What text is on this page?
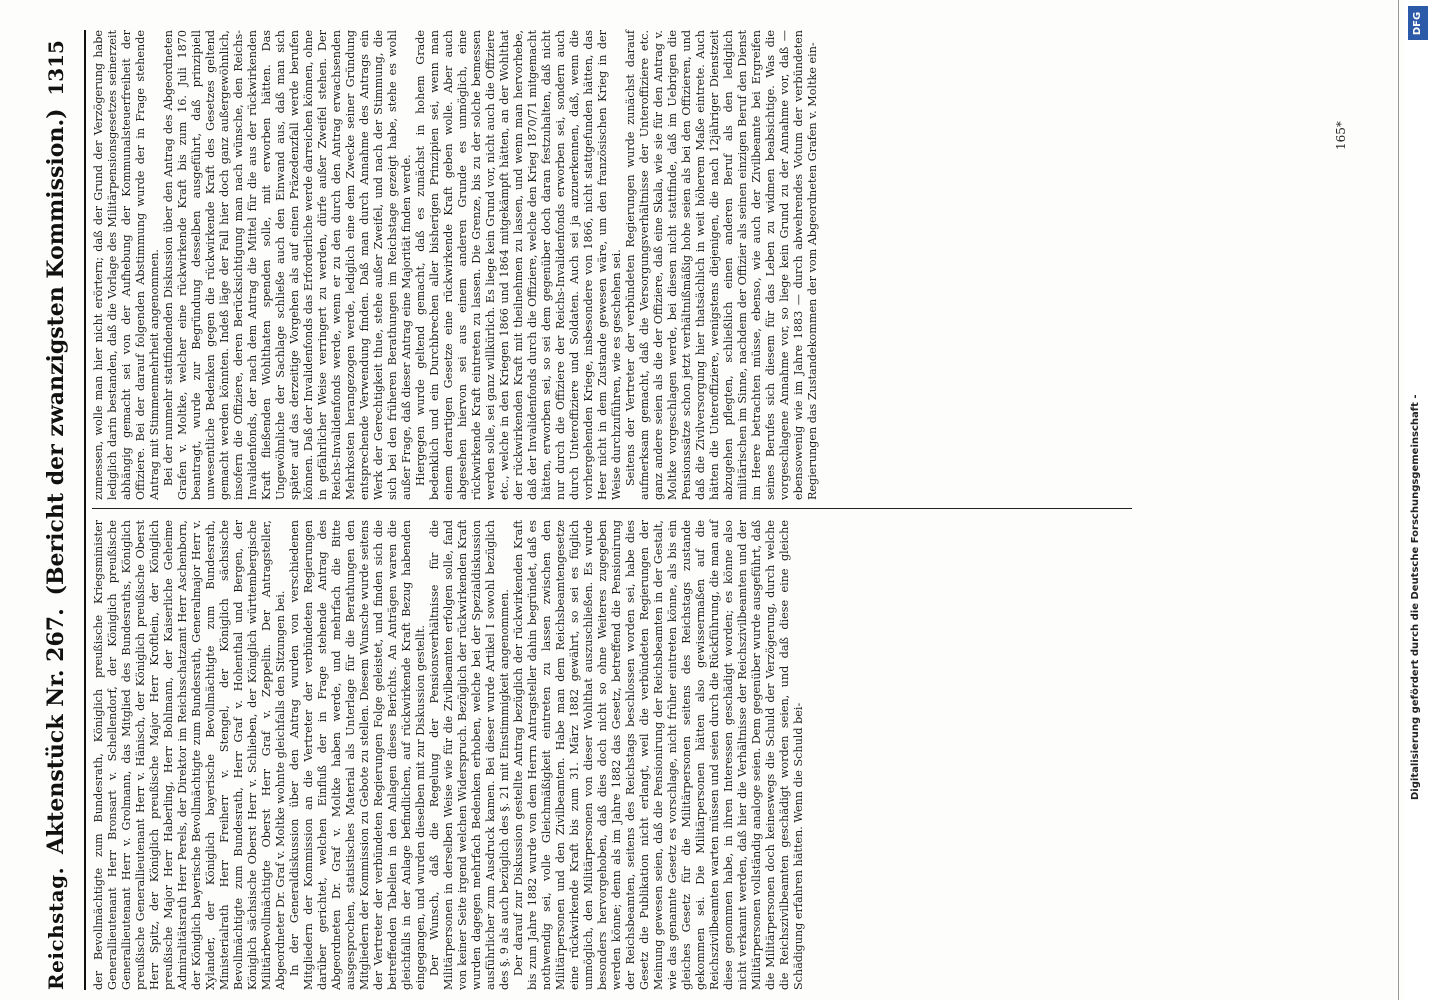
Reichstag.
Aktenstück Nr. 267.
(Bericht der zwanzigsten Kommission.)
1315

der Bevollmächtigte zum Bundesrath, Königlich preußische Kriegsminister Generallieutenant Herr Bronsart v. Schellendorf, der Königlich preußische Generallieutenant Herr v. Grolmann, das Mitglied des Bundesraths, Königlich preußische Generallieutenant Herr v. Hänisch, der Königlich preußische Oberst Herr Spitz, der Königlich preußische Major Herr Kroftlein, der Königlich preußische Major Herr Haberling, Herr Bohlmann, der Kaiserliche Geheime Admiralitätsrath Herr Perels, der Direktor im Reichsschatzamt Herr Aschenborn, der Königlich bayerische Bevollmächtigte zum Bundesrath, Generalmajor Herr v. Xylander, der Königlich bayerische Bevollmächtigte zum Bundesrath, Ministerialrath Herr Freiherr v. Stengel, der Königlich sächsische Bevollmächtigte zum Bundesrath, Herr Graf v. Hohenthal und Bergen, der Königlich sächsische Oberst Herr v. Schlieben, der Königlich württembergische Militärbevollmächtigte Oberst Herr Graf v. Zeppelin. Der Antragsteller, Abgeordneter Dr. Graf v. Moltke wohnte gleichfalls den Sitzungen bei. In der Generaldiskussion über den Antrag wurden von verschiedenen Mitgliedern der Kommission an die Vertreter der verbündeten Regierungen darüber gerichtet, welchen Einfluß der in Frage stehende Antrag des Abgeordneten Dr. Graf v. Moltke haben werde, und mehrfach die Bitte ausgesprochen, statistisches Material als Unterlage für die Berathungen den Mitgliedern der Kommission zu Gebote zu stellen. Diesem Wunsche wurde seitens der Vertreter der verbündeten Regierungen Folge geleistet, und finden sich die betreffenden Tabellen in den Anlagen dieses Berichts. An Anträgen waren die gleichfalls in der Anlage befindlichen, auf rückwirkende Kraft Bezug habenden eingegangen, und wurden dieselben mit zur Diskussion gestellt. Der Wunsch, daß die Regelung der Pensionsverhältnisse für die Militärpersonen in derselben Weise wie für die Zivilbeamten erfolgen solle, fand von keiner Seite irgend welchen Widerspruch. Bezüglich der rückwirkenden Kraft wurden dagegen mehrfach Bedenken erhoben, welche bei der Spezialdiskussion ausführlicher zum Ausdruck kamen. Bei dieser wurde Artikel I sowohl bezüglich des §. 9 als auch bezüglich des §. 21 mit Einstimmigkeit angenommen. Der darauf zur Diskussion gestellte Antrag bezüglich der rückwirkenden Kraft bis zum Jahre 1882 wurde von dem Herrn Antragsteller dahin begründet, daß es nothwendig sei, volle Gleichmäßigkeit eintreten zu lassen zwischen den Militärpersonen und den Zivilbeamten. Habe man dem Reichsbeamtengesetze eine rückwirkende Kraft bis zum 31. März 1882 gewährt, so sei es füglich unmöglich, den Militärpersonen von dieser Wohlthat auszuschließen. Es wurde besonders hervorgehoben, daß dies doch nicht so ohne Weiteres zugegeben werden könne; denn als im Jahre 1882 das Gesetz, betreffend die Pensionirung der Reichsbeamten, seitens des Reichstags beschlossen worden sei, habe dies Gesetz die Publikation nicht erlangt, weil die verbündeten Regierungen der Meinung gewesen seien, daß die Pensionirung der Reichsbeamten in der Gestalt, wie das genannte Gesetz es vorschlage, nicht früher eintreten könne, als bis ein gleiches Gesetz für die Militärpersonen seitens des Reichstags zustande gekommen sei. Die Militärpersonen hätten also gewissermaßen auf die Reichszivilbeamten warten müssen und seien durch die Rückführung, die man auf diese genommen habe, in ihren Interessen geschädigt worden; es könne also nicht verkannt werden, daß hier die Verhältnisse der Reichszivilbeamten und der Militärpersonen vollständig analoge seien. Dem gegenüber wurde ausgeführt, daß die Militärpersonen doch keineswegs die Schuld der Verzögerung, durch welche die Reichszivilbeamten geschädigt worden seien, und daß diese eine gleiche Schädigung erfahren hätten. Wenn die Schuld bei-

zumessen, wolle man hier nicht erörtern; daß der Grund der Verzögerung habe lediglich darin bestanden, daß die Vorlage des Militärpensionsgesetzes seinerzeit abhängig gemacht sei von der Aufhebung der Kommunalsteuerfreiheit der Offiziere. Bei der darauf folgenden Abstimmung wurde der in Frage stehende Antrag mit Stimmenmehrheit angenommen. Bei der nunmehr stattfindenden Diskussion über den Antrag des Abgeordneten Grafen v. Moltke, welcher eine rückwirkende Kraft bis zum 16. Juli 1870 beantragt, wurde zur Begründung desselben ausgeführt, daß prinzipiell unwesentliche Bedenken gegen die rückwirkende Kraft des Gesetzes geltend gemacht werden könnten. Indeß läge der Fall hier doch ganz außergewöhnlich, insofern die Offiziere, deren Berücksichtigung man nach wünsche, den Reichs-Invalidenfonds, der nach dem Antrag die Mittel für die aus der rückwirkenden Kraft fließenden Wohlthaten spenden solle, mit erworben hätten. Das Ungewöhnliche der Sachlage schließe auch den Einwand aus, daß man sich später auf das derzeitige Vorgehen als auf einen Präzedenzfall werde berufen können. Daß der Invalidenfonds das Erforderliche werde darreichen können, ohne in gefährlicher Weise verringert zu werden, dürfe außer Zweifel stehen. Der Reichs-Invalidenfonds werde, wenn er zu den durch den Antrag erwachsenden Mehrkosten herangezogen werde, lediglich eine dem Zwecke seiner Gründung entsprechende Verwendung finden. Daß man durch Annahme des Antrags ein Werk der Gerechtigkeit thue, stehe außer Zweifel, und nach der Stimmung, die sich bei den früheren Berathungen im Reichstage gezeigt habe, stehe es wohl außer Frage, daß dieser Antrag eine Majorität finden werde. Hiergegen wurde geltend gemacht, daß es zunächst in hohem Grade bedenklich und ein Durchbrechen aller bisherigen Prinzipien sei, wenn man einem derartigen Gesetze eine rückwirkende Kraft geben wolle. Aber auch abgesehen hiervon sei aus einem anderen Grunde es unmöglich, eine rückwirkende Kraft eintreten zu lassen. Die Grenze, bis zu der solche bemessen werden solle, sei ganz willkürlich. Es liege kein Grund vor, nicht auch die Offiziere etc., welche in den Kriegen 1866 und 1864 mitgekämpft hätten, an der Wohlthat der rückwirkenden Kraft mit theilnehmen zu lassen, und wenn man hervorhebe, daß der Invalidenfonds durch die Offiziere, welche den Krieg 1870/71 mitgemacht hätten, erworben sei, so sei dem gegenüber doch daran festzuhalten, daß nicht nur durch die Offiziere der Reichs-Invalidenfonds erworben sei, sondern auch durch Unteroffiziere und Soldaten. Auch sei ja anzuerkennen, daß, wenn die vorhergehenden Kriege, insbesondere von 1866, nicht stattgefunden hätten, das Heer nicht in dem Zustande gewesen wäre, um den französischen Krieg in der Weise durchzuführen, wie es geschehen sei. Seitens der Vertreter der verbündeten Regierungen wurde zunächst darauf aufmerksam gemacht, daß die Versorgungsverhältnisse der Unteroffiziere etc. ganz andere seien als die der Offiziere, daß eine Skala, wie sie für den Antrag v. Moltke vorgeschlagen werde, bei diesen nicht stattfinde, daß im Uebrigen die Pensionssätze schon jetzt verhältnißmäßig hohe seien als bei den Offizieren, und daß die Zivilversorgung hier thatsächlich in weit höherem Maße eintrete. Auch hätten die Unteroffiziere, wenigstens diejenigen, die nach 12jähriger Dienstzeit abzugehen pflegten, schließlich einen anderen Beruf als den lediglich militärischen im Sinne, nachdem der Offizier als seinen einzigen Beruf den Dienst im Heere betrachten müsse, ebenso, wie auch der Zivilbeamte bei Ergreifen seines Berufes sich diesem für das Leben zu widmen beabsichtige. Was die vorgeschlagene Annahme vor, so liege kein Grund zu der Annahme vor, daß — ebensowenig wie im Jahre 1883 — durch abwehrendes Votum der verbündeten Regierungen das Zustandekommen der vom Abgeordneten Grafen v. Moltke ein-	165*
DFG
Digitalisierung gefördert durch die Deutsche Forschungsgemeinschaft -
